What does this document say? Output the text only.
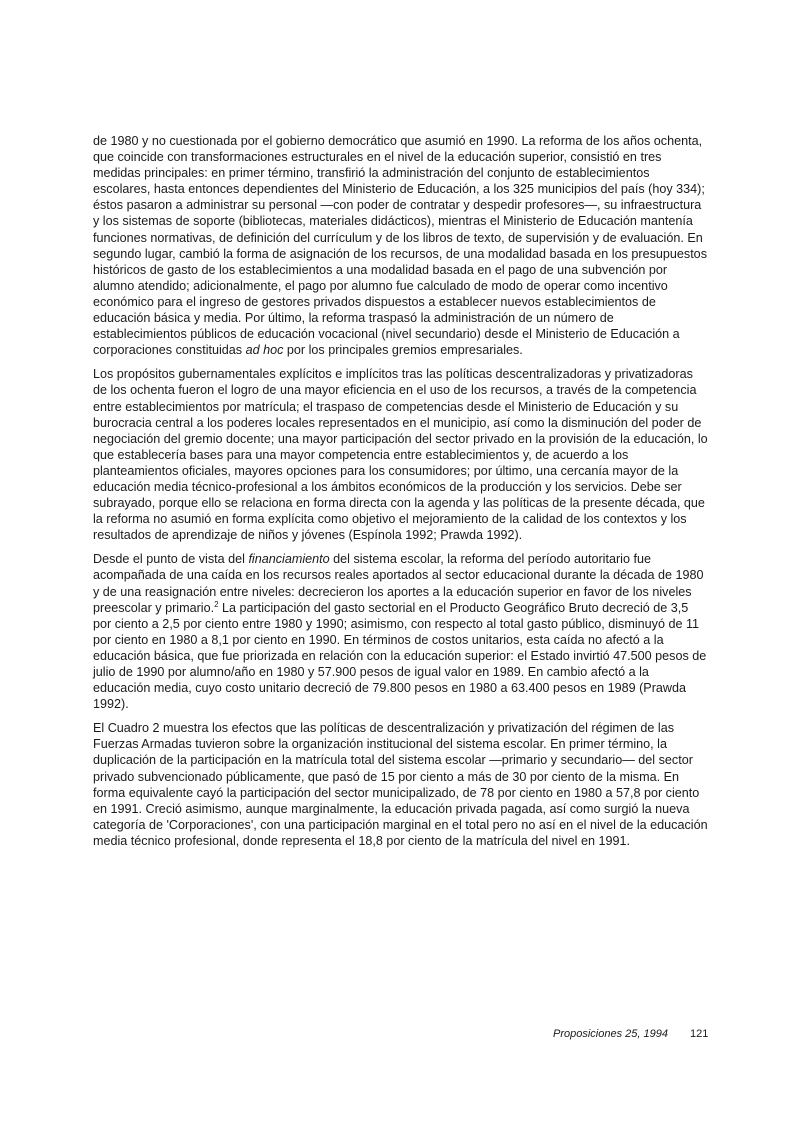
de 1980 y no cuestionada por el gobierno democrático que asumió en 1990. La reforma de los años ochenta, que coincide con transformaciones estructurales en el nivel de la educación superior, consistió en tres medidas principales: en primer término, transfirió la administración del conjunto de establecimientos escolares, hasta entonces dependientes del Ministerio de Educación, a los 325 municipios del país (hoy 334); éstos pasaron a administrar su personal —con poder de contratar y despedir profesores—, su infraestructura y los sistemas de soporte (bibliotecas, materiales didácticos), mientras el Ministerio de Educación mantenía funciones normativas, de definición del currículum y de los libros de texto, de supervisión y de evaluación. En segundo lugar, cambió la forma de asignación de los recursos, de una modalidad basada en los presupuestos históricos de gasto de los establecimientos a una modalidad basada en el pago de una subvención por alumno atendido; adicionalmente, el pago por alumno fue calculado de modo de operar como incentivo económico para el ingreso de gestores privados dispuestos a establecer nuevos establecimientos de educación básica y media. Por último, la reforma traspasó la administración de un número de establecimientos públicos de educación vocacional (nivel secundario) desde el Ministerio de Educación a corporaciones constituidas ad hoc por los principales gremios empresariales.

Los propósitos gubernamentales explícitos e implícitos tras las políticas descentralizadoras y privatizadoras de los ochenta fueron el logro de una mayor eficiencia en el uso de los recursos, a través de la competencia entre establecimientos por matrícula; el traspaso de competencias desde el Ministerio de Educación y su burocracia central a los poderes locales representados en el municipio, así como la disminución del poder de negociación del gremio docente; una mayor participación del sector privado en la provisión de la educación, lo que establecería bases para una mayor competencia entre establecimientos y, de acuerdo a los planteamientos oficiales, mayores opciones para los consumidores; por último, una cercanía mayor de la educación media técnico-profesional a los ámbitos económicos de la producción y los servicios. Debe ser subrayado, porque ello se relaciona en forma directa con la agenda y las políticas de la presente década, que la reforma no asumió en forma explícita como objetivo el mejoramiento de la calidad de los contextos y los resultados de aprendizaje de niños y jóvenes (Espínola 1992; Prawda 1992).

Desde el punto de vista del financiamiento del sistema escolar, la reforma del período autoritario fue acompañada de una caída en los recursos reales aportados al sector educacional durante la década de 1980 y de una reasignación entre niveles: decrecieron los aportes a la educación superior en favor de los niveles preescolar y primario.$^2$ La participación del gasto sectorial en el Producto Geográfico Bruto decreció de 3,5 por ciento a 2,5 por ciento entre 1980 y 1990; asimismo, con respecto al total gasto público, disminuyó de 11 por ciento en 1980 a 8,1 por ciento en 1990. En términos de costos unitarios, esta caída no afectó a la educación básica, que fue priorizada en relación con la educación superior: el Estado invirtió 47.500 pesos de julio de 1990 por alumno/año en 1980 y 57.900 pesos de igual valor en 1989. En cambio afectó a la educación media, cuyo costo unitario decreció de 79.800 pesos en 1980 a 63.400 pesos en 1989 (Prawda 1992).

El Cuadro 2 muestra los efectos que las políticas de descentralización y privatización del régimen de las Fuerzas Armadas tuvieron sobre la organización institucional del sistema escolar. En primer término, la duplicación de la participación en la matrícula total del sistema escolar —primario y secundario— del sector privado subvencionado públicamente, que pasó de 15 por ciento a más de 30 por ciento de la misma. En forma equivalente cayó la participación del sector municipalizado, de 78 por ciento en 1980 a 57,8 por ciento en 1991. Creció asimismo, aunque marginalmente, la educación privada pagada, así como surgió la nueva categoría de 'Corporaciones', con una participación marginal en el total pero no así en el nivel de la educación media técnico profesional, donde representa el 18,8 por ciento de la matrícula del nivel en 1991.

Proposiciones 25, 1994 121
